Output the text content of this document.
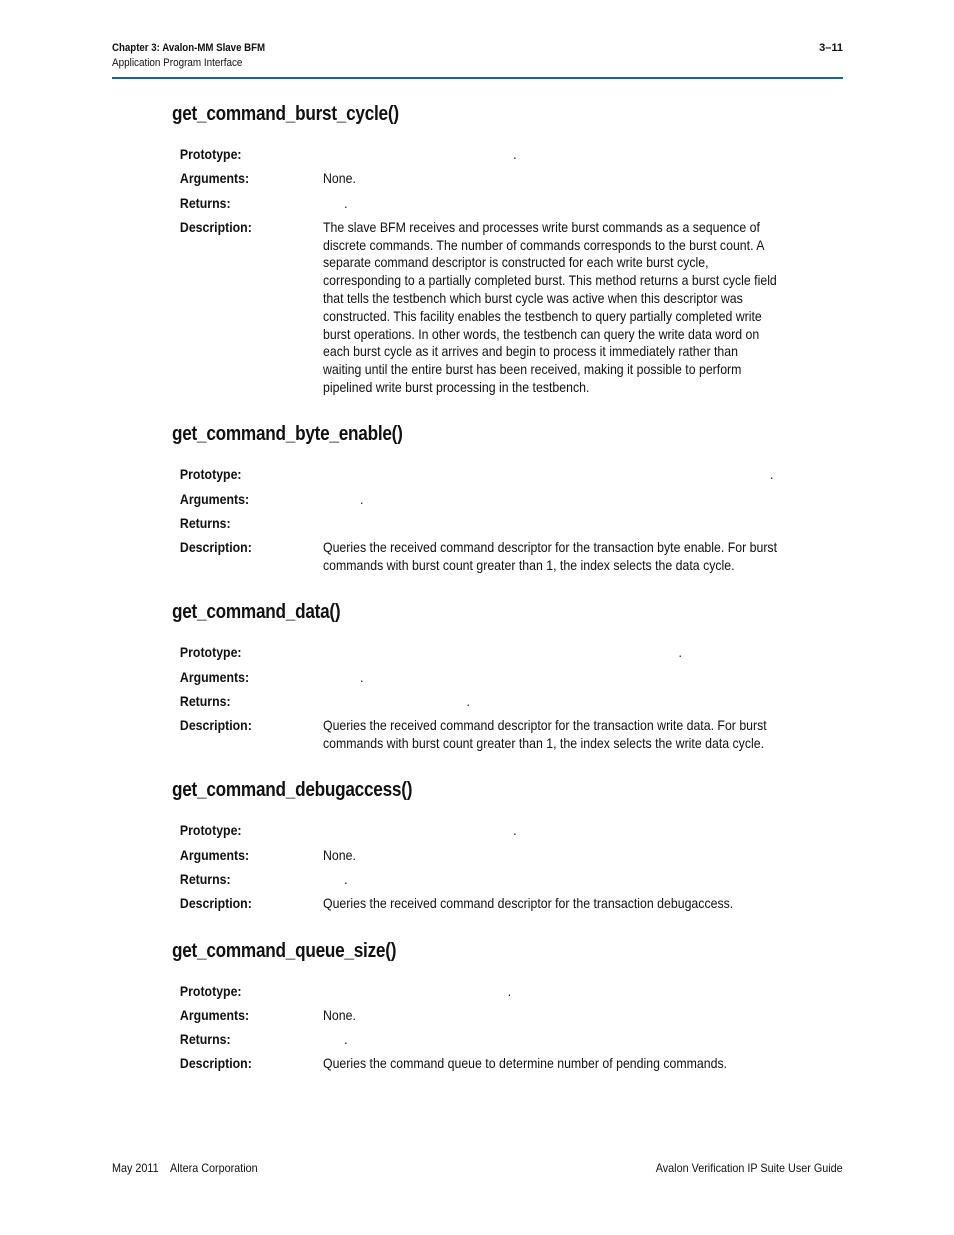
Chapter 3: Avalon-MM Slave BFM	3–11
Application Program Interface
get_command_burst_cycle()
Prototype:	.
Arguments:	None.
Returns:	.
Description:	The slave BFM receives and processes write burst commands as a sequence of discrete commands. The number of commands corresponds to the burst count. A separate command descriptor is constructed for each write burst cycle, corresponding to a partially completed burst. This method returns a burst cycle field that tells the testbench which burst cycle was active when this descriptor was constructed. This facility enables the testbench to query partially completed write burst operations. In other words, the testbench can query the write data word on each burst cycle as it arrives and begin to process it immediately rather than waiting until the entire burst has been received, making it possible to perform pipelined write burst processing in the testbench.
get_command_byte_enable()
Prototype:	.
Arguments:	.
Returns:
Description:	Queries the received command descriptor for the transaction byte enable. For burst commands with burst count greater than 1, the index selects the data cycle.
get_command_data()
Prototype:	.
Arguments:	.
Returns:	.
Description:	Queries the received command descriptor for the transaction write data. For burst commands with burst count greater than 1, the index selects the write data cycle.
get_command_debugaccess()
Prototype:	.
Arguments:	None.
Returns:	.
Description:	Queries the received command descriptor for the transaction debugaccess.
get_command_queue_size()
Prototype:	.
Arguments:	None.
Returns:	.
Description:	Queries the command queue to determine number of pending commands.
May 2011    Altera Corporation	Avalon Verification IP Suite User Guide
